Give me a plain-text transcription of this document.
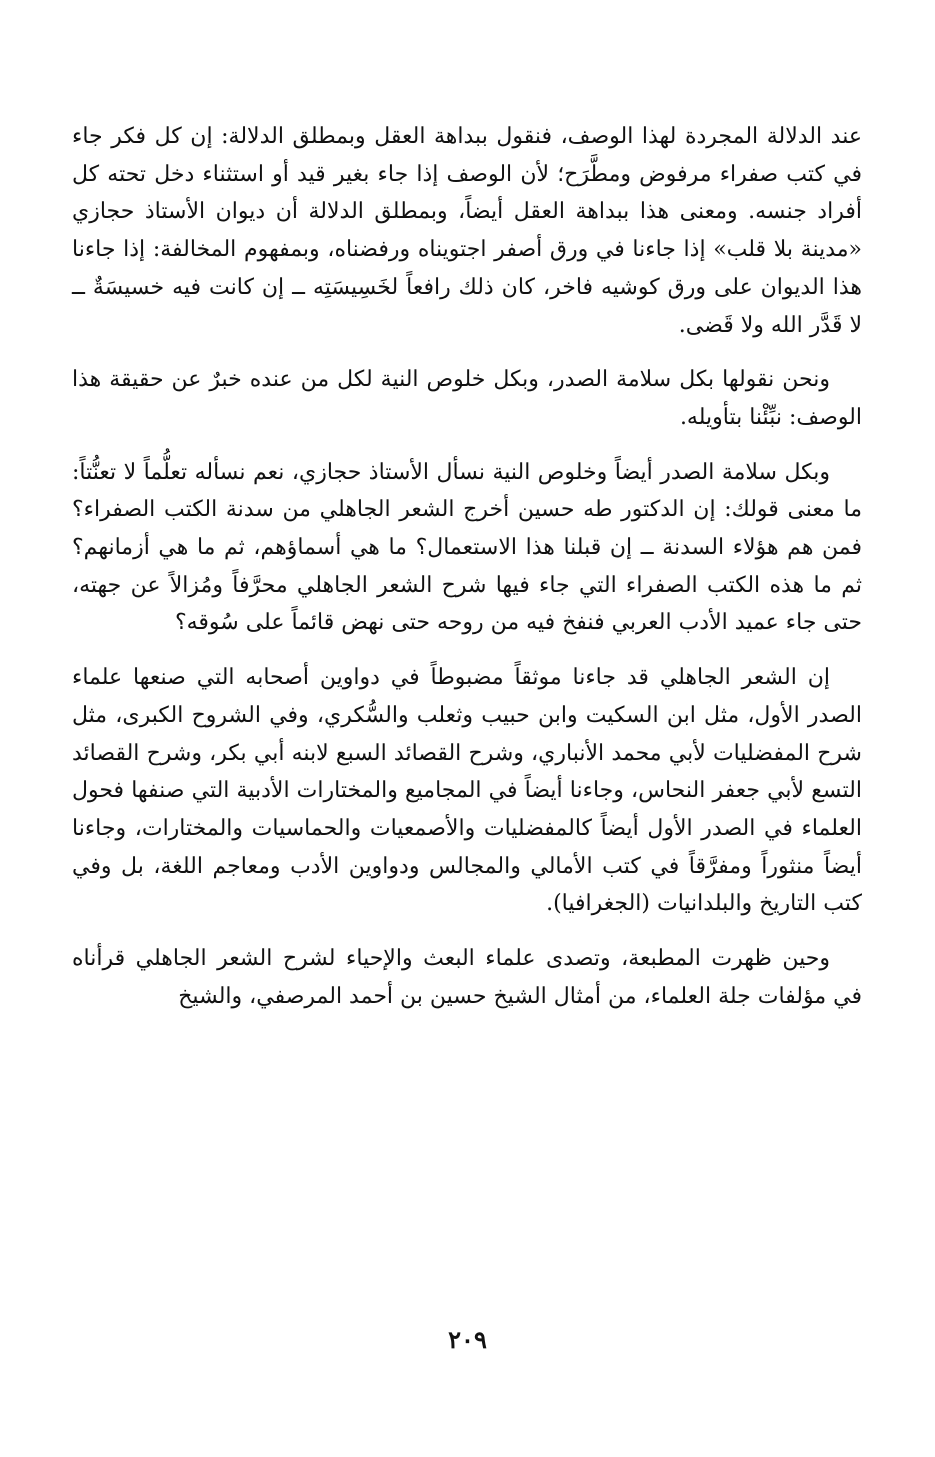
عند الدلالة المجردة لهذا الوصف، فنقول ببداهة العقل وبمطلق الدلالة: إن كل فكر جاء في كتب صفراء مرفوض ومطَّرَح؛ لأن الوصف إذا جاء بغير قيد أو استثناء دخل تحته كل أفراد جنسه. ومعنى هذا ببداهة العقل أيضاً، وبمطلق الدلالة أن ديوان الأستاذ حجازي «مدينة بلا قلب» إذا جاءنا في ورق أصفر اجتويناه ورفضناه، وبمفهوم المخالفة: إذا جاءنا هذا الديوان على ورق كوشيه فاخر، كان ذلك رافعاً لخَسِيسَتِه ــ إن كانت فيه خسيسَةٌ ــ لا قَدَّر الله ولا قَضى.

ونحن نقولها بكل سلامة الصدر، وبكل خلوص النية لكل من عنده خبرٌ عن حقيقة هذا الوصف: نبِّئْنا بتأويله.

وبكل سلامة الصدر أيضاً وخلوص النية نسأل الأستاذ حجازي، نعم نسأله تعلُّماً لا تعنُّتاً: ما معنى قولك: إن الدكتور طه حسين أخرج الشعر الجاهلي من سدنة الكتب الصفراء؟ فمن هم هؤلاء السدنة ــ إن قبلنا هذا الاستعمال؟ ما هي أسماؤهم، ثم ما هي أزمانهم؟ ثم ما هذه الكتب الصفراء التي جاء فيها شرح الشعر الجاهلي محرَّفاً ومُزالاً عن جهته، حتى جاء عميد الأدب العربي فنفخ فيه من روحه حتى نهض قائماً على سُوقه؟

إن الشعر الجاهلي قد جاءنا موثقاً مضبوطاً في دواوين أصحابه التي صنعها علماء الصدر الأول، مثل ابن السكيت وابن حبيب وثعلب والسُّكري، وفي الشروح الكبرى، مثل شرح المفضليات لأبي محمد الأنباري، وشرح القصائد السبع لابنه أبي بكر، وشرح القصائد التسع لأبي جعفر النحاس، وجاءنا أيضاً في المجاميع والمختارات الأدبية التي صنفها فحول العلماء في الصدر الأول أيضاً كالمفضليات والأصمعيات والحماسيات والمختارات، وجاءنا أيضاً منثوراً ومفرَّقاً في كتب الأمالي والمجالس ودواوين الأدب ومعاجم اللغة، بل وفي كتب التاريخ والبلدانيات (الجغرافيا).

وحين ظهرت المطبعة، وتصدى علماء البعث والإحياء لشرح الشعر الجاهلي قرأناه في مؤلفات جلة العلماء، من أمثال الشيخ حسين بن أحمد المرصفي، والشيخ

٢٠٩
